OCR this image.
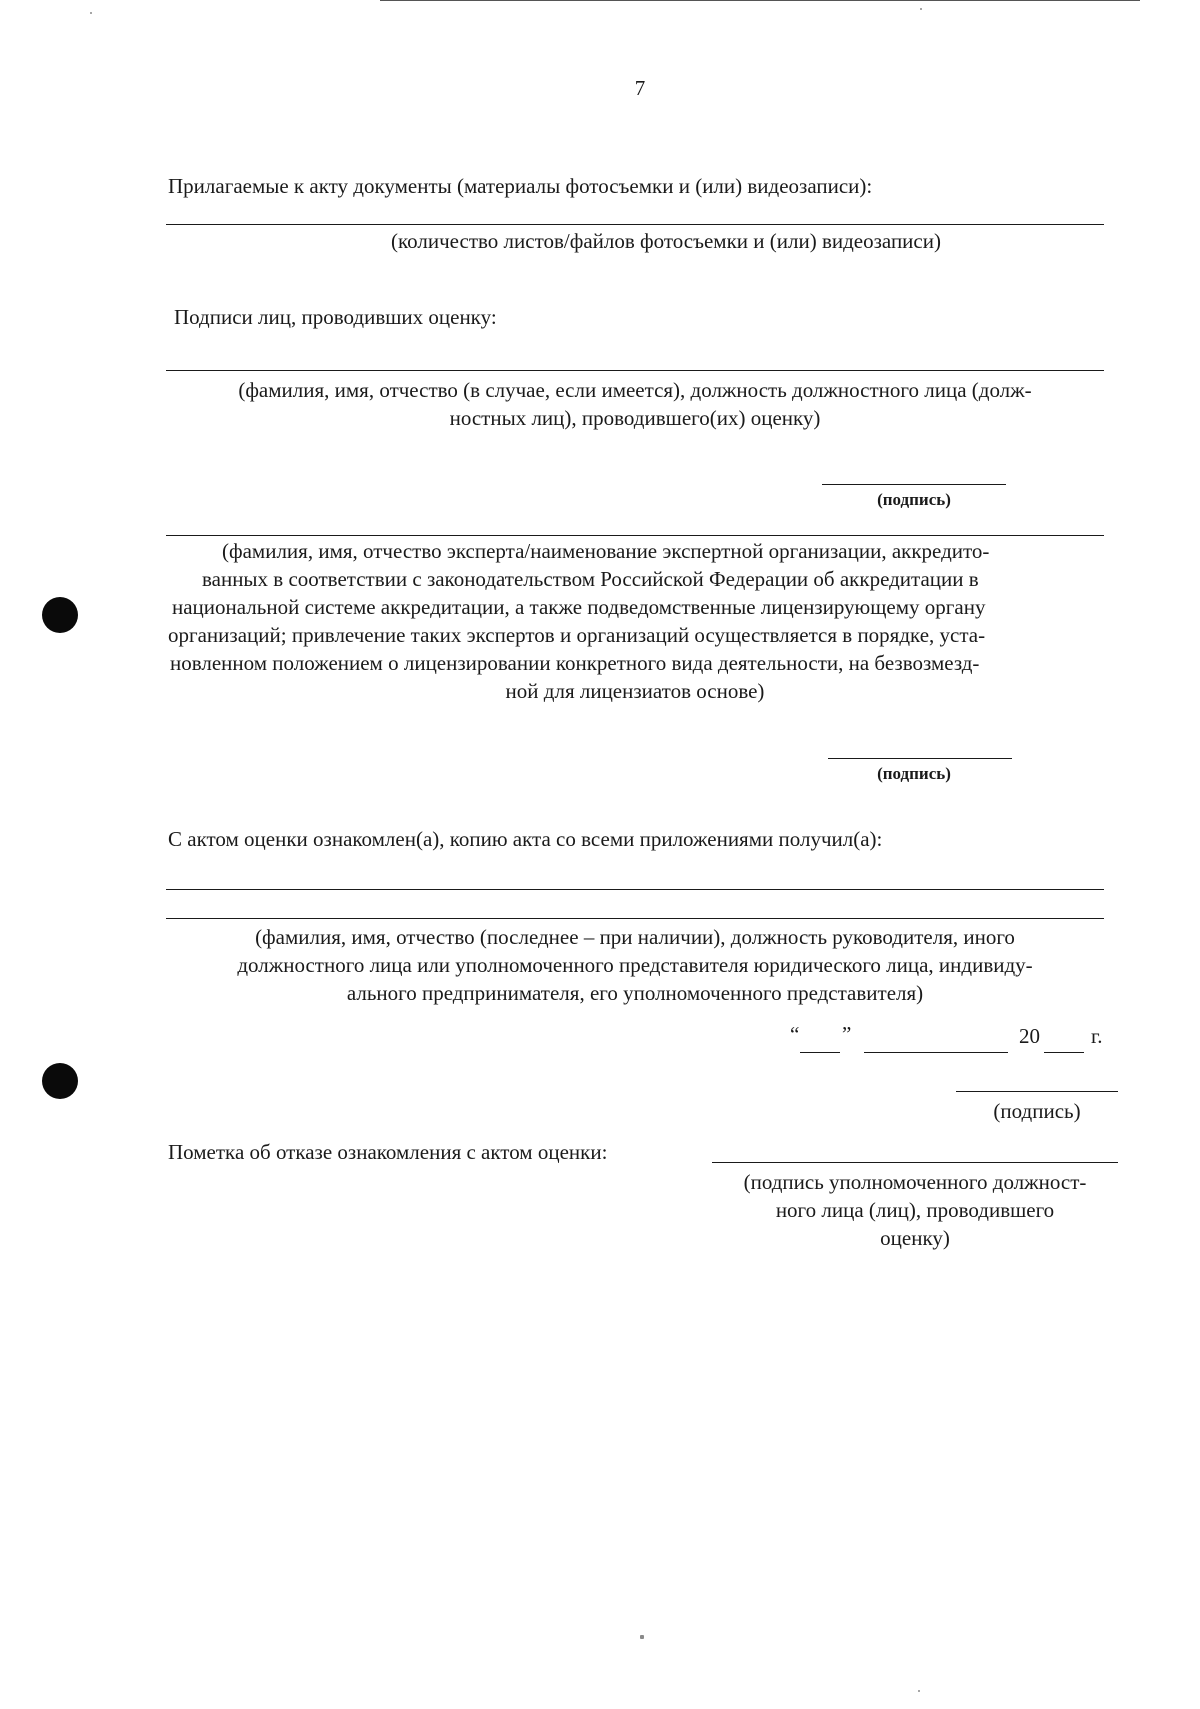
7
Прилагаемые к акту документы (материалы фотосъемки и (или) видеозаписи):
(количество листов/файлов фотосъемки и (или) видеозаписи)
Подписи лиц, проводивших оценку:
(фамилия, имя, отчество (в случае, если имеется), должность должностного лица (долж-
ностных лиц), проводившего(их) оценку)
(подпись)
(фамилия, имя, отчество эксперта/наименование экспертной организации, аккредито-
ванных в соответствии с законодательством Российской Федерации об аккредитации в
национальной системе аккредитации, а также подведомственные лицензирующему органу
организаций; привлечение таких экспертов и организаций осуществляется в порядке, уста-
новленном положением о лицензировании конкретного вида деятельности, на безвозмезд-
ной для лицензиатов основе)
(подпись)
С актом оценки ознакомлен(а), копию акта со всеми приложениями получил(а):
(фамилия, имя, отчество (последнее – при наличии), должность руководителя, иного
должностного лица или уполномоченного представителя юридического лица, индивиду-
ального предпринимателя, его уполномоченного представителя)
“ ”	20 г.
(подпись)
Пометка об отказе ознакомления с актом оценки:
(подпись уполномоченного должност-
ного лица (лиц), проводившего
оценку)
